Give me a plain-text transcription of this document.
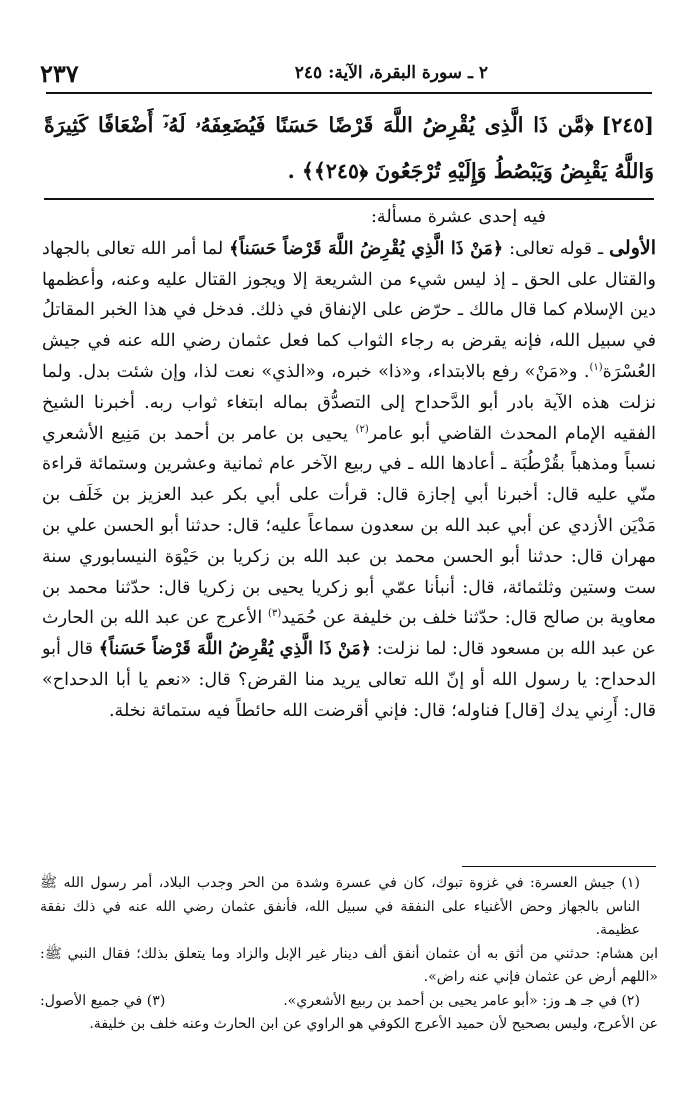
٢٣٧	٢ ـ سورة البقرة، الآية: ٢٤٥
[٢٤٥]﴿مَّن ذَا الَّذِى يُقْرِضُ اللَّهَ قَرْضًا حَسَنًا فَيُضَعِفَهُۥ لَهُۥٓ أَضْعَافًا كَثِيرَةً وَاللَّهُ يَقْبِضُ وَيَبْصُطُ وَإِلَيْهِ تُرْجَعُونَ ﴿٢٤٥﴾﴾ .

فيه إحدى عشرة مسألة:

الأولى ـ قوله تعالى: ﴿مَنْ ذَا الَّذِي يُقْرِضُ اللَّهَ قَرْضاً حَسَناً﴾ لما أمر الله تعالى بالجهاد والقتال على الحق ـ إذ ليس شيء من الشريعة إلا ويجوز القتال عليه وعنه، وأعظمها دين الإسلام كما قال مالك ـ حرّض على الإنفاق في ذلك. فدخل في هذا الخبر المقاتلُ في سبيل الله، فإنه يقرض به رجاء الثواب كما فعل عثمان رضي الله عنه في جيش العُسْرَة$^{(١)}$. و«مَنْ» رفع بالابتداء، و«ذا» خبره، و«الذي» نعت لذا، وإن شئت بدل. ولما نزلت هذه الآية بادر أبو الدَّحداح إلى التصدُّق بماله ابتغاء ثواب ربه. أخبرنا الشيخ الفقيه الإمام المحدث القاضي أبو عامر$^{(٢)}$ يحيى بن عامر بن أحمد بن مَنِيع الأشعري نسباً ومذهباً بقُرْطُبَة ـ أعادها الله ـ في ربيع الآخر عام ثمانية وعشرين وستمائة قراءة منّي عليه قال: أخبرنا أبي إجازة قال: قرأت على أبي بكر عبد العزيز بن خَلَف بن مَدْيَن الأزدي عن أبي عبد الله بن سعدون سماعاً عليه؛ قال: حدثنا أبو الحسن علي بن مهران قال: حدثنا أبو الحسن محمد بن عبد الله بن زكريا بن حَيْوَة النيسابوري سنة ست وستين وثلثمائة، قال: أنبأنا عمّي أبو زكريا يحيى بن زكريا قال: حدّثنا محمد بن معاوية بن صالح قال: حدّثنا خلف بن خليفة عن حُمَيد$^{(٣)}$ الأعرج عن عبد الله بن الحارث عن عبد الله بن مسعود قال: لما نزلت: ﴿مَنْ ذَا الَّذِي يُقْرِضُ اللَّهَ قَرْضاً حَسَناً﴾ قال أبو الدحداح: يا رسول الله أو إنّ الله تعالى يريد منا القرض؟ قال: «نعم يا أبا الدحداح» قال: أَرِني يدك [قال] فناوله؛ قال: فإني أقرضت الله حائطاً فيه ستمائة نخلة.

(١) جيش العسرة: في غزوة تبوك، كان في عسرة وشدة من الحر وجدب البلاد، أمر رسول الله ﷺ الناس بالجهاز وحض الأغنياء على النفقة في سبيل الله، فأنفق عثمان رضي الله عنه في ذلك نفقة عظيمة.

ابن هشام: حدثني من أثق به أن عثمان أنفق ألف دينار غير الإبل والزاد وما يتعلق بذلك؛ فقال النبي ﷺ: «اللهم أرض عن عثمان فإني عنه راض».

(٢) في جـ هـ وز: «أبو عامر يحيى بن أحمد بن ربيع الأشعري».
(٣) في جميع الأصول:

عن الأعرج، وليس بصحيح لأن حميد الأعرج الكوفي هو الراوي عن ابن الحارث وعنه خلف بن خليفة.
